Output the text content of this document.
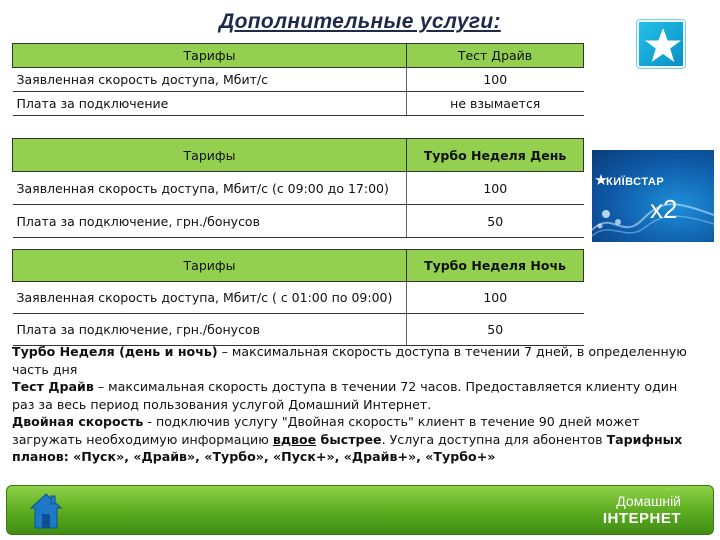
Дополнительные услуги:
Тарифы	Тест Драйв
Заявленная скорость доступа, Мбит/с	100
Плата за подключение	не взымается
Тарифы	Турбо Неделя День
Заявленная скорость доступа, Мбит/с (с 09:00 до 17:00)	100
Плата за подключение, грн./бонусов	50
Тарифы	Турбо Неделя Ночь
Заявленная скорость доступа, Мбит/с ( с 01:00 по 09:00)	100
Плата за подключение, грн./бонусов	50
КИЇВСТАР
x2

Турбо Неделя (день и ночь) – максимальная скорость доступа в течении 7 дней, в определенную часть дня

Тест Драйв – максимальная скорость доступа в течении 72 часов. Предоставляется клиенту один раз за весь период пользования услугой Домашний Интернет.

Двойная скорость - подключив услугу "Двойная скорость" клиент в течение 90 дней может загружать необходимую информацию вдвое быстрее. Услуга доступна для абонентов Тарифных планов: «Пуск», «Драйв», «Турбо», «Пуск+», «Драйв+», «Турбо+»

Домашній
ІНТЕРНЕТ
